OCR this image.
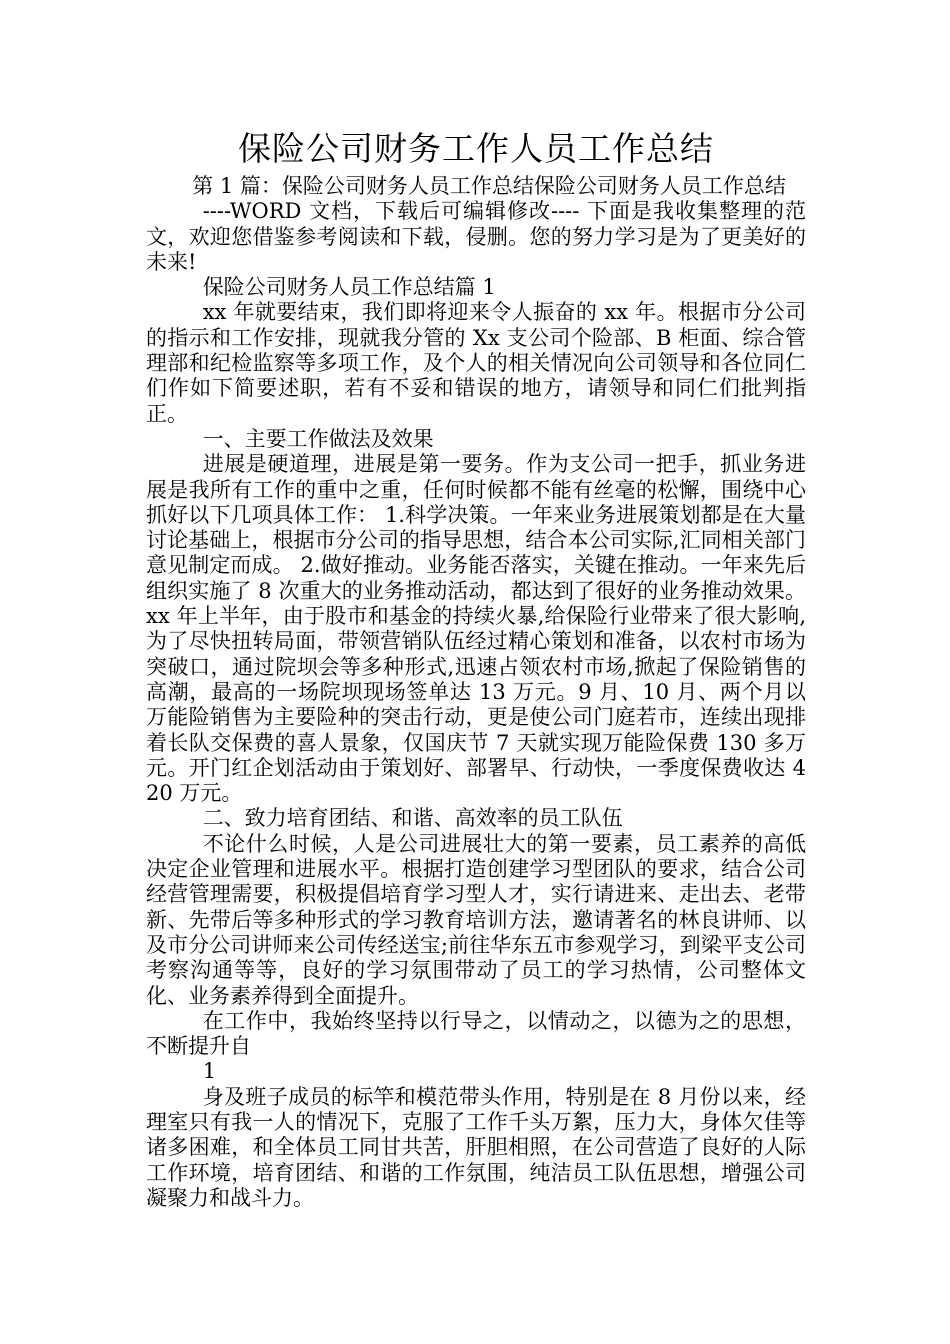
保险公司财务工作人员工作总结

第 1 篇：保险公司财务人员工作总结保险公司财务人员工作总结

----WORD 文档，下载后可编辑修改---- 下面是我收集整理的范文，欢迎您借鉴参考阅读和下载，侵删。您的努力学习是为了更美好的未来!

保险公司财务人员工作总结篇 1

xx 年就要结束，我们即将迎来令人振奋的 xx 年。根据市分公司的指示和工作安排，现就我分管的 Xx 支公司个险部、B 柜面、综合管理部和纪检监察等多项工作，及个人的相关情况向公司领导和各位同仁们作如下简要述职，若有不妥和错误的地方，请领导和同仁们批判指正。

一、主要工作做法及效果

进展是硬道理，进展是第一要务。作为支公司一把手，抓业务进展是我所有工作的重中之重，任何时候都不能有丝毫的松懈，围绕中心抓好以下几项具体工作： 1.科学决策。一年来业务进展策划都是在大量讨论基础上，根据市分公司的指导思想，结合本公司实际,汇同相关部门意见制定而成。 2.做好推动。业务能否落实，关键在推动。一年来先后组织实施了 8 次重大的业务推动活动，都达到了很好的业务推动效果。xx 年上半年，由于股市和基金的持续火暴,给保险行业带来了很大影响,为了尽快扭转局面，带领营销队伍经过精心策划和准备，以农村市场为突破口，通过院坝会等多种形式,迅速占领农村市场,掀起了保险销售的高潮，最高的一场院坝现场签单达 13 万元。9 月、10 月、两个月以万能险销售为主要险种的突击行动，更是使公司门庭若市，连续出现排着长队交保费的喜人景象，仅国庆节 7 天就实现万能险保费 130 多万元。开门红企划活动由于策划好、部署早、行动快，一季度保费收达 420 万元。

二、致力培育团结、和谐、高效率的员工队伍

不论什么时候，人是公司进展壮大的第一要素，员工素养的高低决定企业管理和进展水平。根据打造创建学习型团队的要求，结合公司经营管理需要，积极提倡培育学习型人才，实行请进来、走出去、老带新、先带后等多种形式的学习教育培训方法，邀请著名的林良讲师、以及市分公司讲师来公司传经送宝;前往华东五市参观学习，到梁平支公司考察沟通等等，良好的学习氛围带动了员工的学习热情，公司整体文化、业务素养得到全面提升。

在工作中，我始终坚持以行导之，以情动之，以德为之的思想，不断提升自

1

身及班子成员的标竿和模范带头作用，特别是在 8 月份以来，经理室只有我一人的情况下，克服了工作千头万絮，压力大，身体欠佳等诸多困难，和全体员工同甘共苦，肝胆相照，在公司营造了良好的人际工作环境，培育团结、和谐的工作氛围，纯洁员工队伍思想，增强公司凝聚力和战斗力。
